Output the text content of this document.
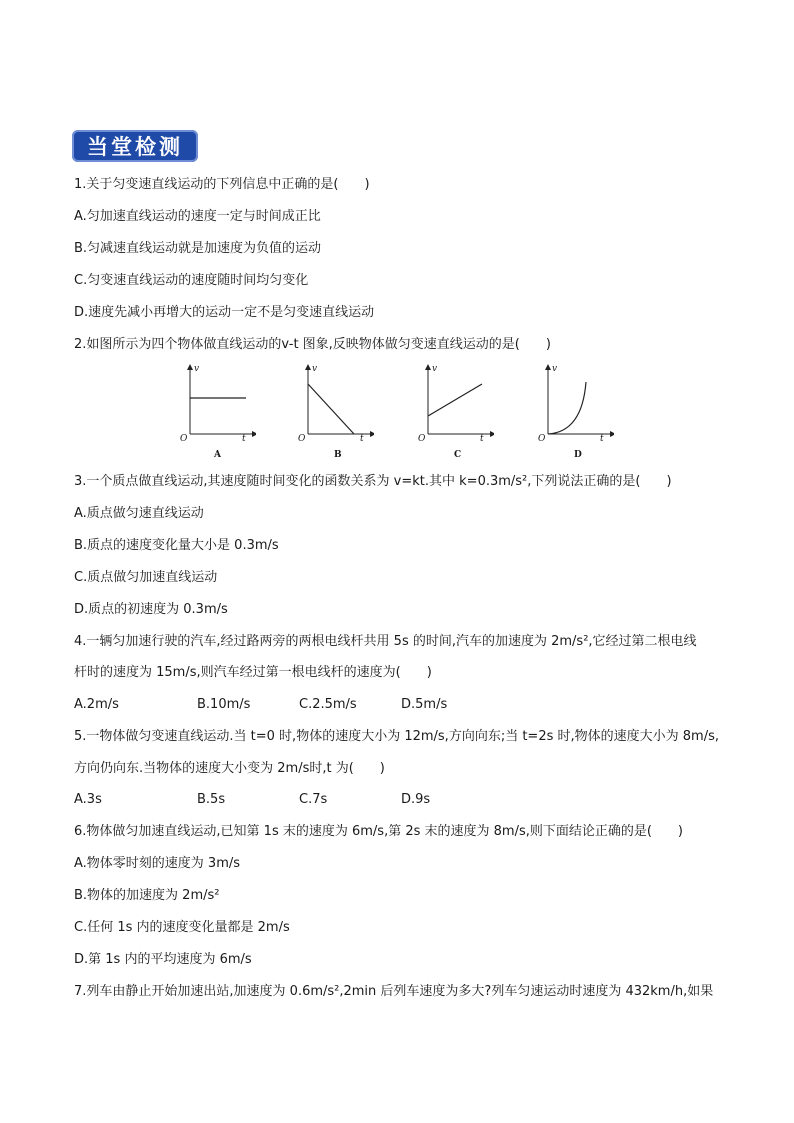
当堂检测
1.关于匀变速直线运动的下列信息中正确的是(　　)
A.匀加速直线运动的速度一定与时间成正比
B.匀减速直线运动就是加速度为负值的运动
C.匀变速直线运动的速度随时间均匀变化
D.速度先减小再增大的运动一定不是匀变速直线运动
2.如图所示为四个物体做直线运动的v-t 图象,反映物体做匀变速直线运动的是(　　)
v
t
O
A
v
t
O
B
v
t
O
C
v
t
O
D
3.一个质点做直线运动,其速度随时间变化的函数关系为 v=kt.其中 k=0.3m/s²,下列说法正确的是(　　)
A.质点做匀速直线运动
B.质点的速度变化量大小是 0.3m/s
C.质点做匀加速直线运动
D.质点的初速度为 0.3m/s
4.一辆匀加速行驶的汽车,经过路两旁的两根电线杆共用 5s 的时间,汽车的加速度为 2m/s²,它经过第二根电线
杆时的速度为 15m/s,则汽车经过第一根电线杆的速度为(　　)
A.2m/s	B.10m/s	C.2.5m/s	D.5m/s
5.一物体做匀变速直线运动.当 t=0 时,物体的速度大小为 12m/s,方向向东;当 t=2s 时,物体的速度大小为 8m/s,
方向仍向东.当物体的速度大小变为 2m/s时,t 为(　　)
A.3s	B.5s	C.7s	D.9s
6.物体做匀加速直线运动,已知第 1s 末的速度为 6m/s,第 2s 末的速度为 8m/s,则下面结论正确的是(　　)
A.物体零时刻的速度为 3m/s
B.物体的加速度为 2m/s²
C.任何 1s 内的速度变化量都是 2m/s
D.第 1s 内的平均速度为 6m/s
7.列车由静止开始加速出站,加速度为 0.6m/s²,2min 后列车速度为多大?列车匀速运动时速度为 432km/h,如果
